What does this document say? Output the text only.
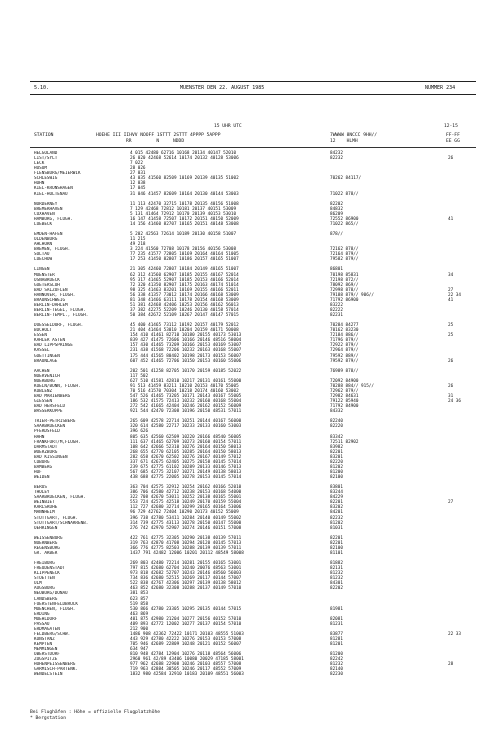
5.10.	MUENSTER DEN 22. AUGUST 1985	NUMMER 234
15 UHR UTC	12-15
STATION	HOEHE III IIHVV NOOFF 1STTT 2STTT 4PPPP 5APPP
RR         N     NDDD
7WWWW 8NCCC 9HH//
12    HLMH
FF-FF
EE GG
HELGOLAND	4 015 42480 62716 10168 20134 40147 52010	84232
LIST/SYLT	26 020 42468 52614 10174 20132 40128 53006	82232	26
LECK	7 022
HUSUM	28 026
FLENSBURG/MEIERWIK	27 031
SCHLESWIG	43 035 41560 82509 10169 20139 40135 51002	70262 84117/
HOHN	12 038
KIEL-KRONSHAGEN	17 045
KIEL-HOLTENAU	31 046 41457 82609 10164 20130 40144 53003	71022 878//
NORDERNEY	11 113 42470 32715 10178 20135 40156 51008	82202
BREMERHAVEN	7 129 42468 72812 10181 20137 40151 53009	84832
CUXHAVEN	5 131 41464 72912 10170 20139 40153 53010	86209
HAMBURG, FLUGH.	16 147 41458 72507 10172 20151 40150 52009	72552 86900	41
LUEBECK	14 156 41460 82707 10165 20151 40148 53008	71022 865//
EMDEN-HAFEN	5 202 42563 72614 10189 20130 40158 51007	878//
OLDENBURG	11 215
AHLHORN	49 218
BREMEN, FLUGH.	3 224 41560 72708 10178 20156 40156 53008	72162 878//
SOLTAU	77 235 41577 72805 10169 20164 40164 51005	72164 879//
LUECHOW	17 253 41450 82807 10186 20157 40165 51007	79582 879//
LINGEN	21 305 42460 72807 10184 20149 40165 51007	86801
MUENSTER	62 312 41560 62907 10185 20155 40167 52014	70198 85831	34
OSNABRUECK	95 317 41465 52907 10185 20153 40166 52014	72198 872//
GUETERSLOH	72 320 41350 82907 10175 20163 40174 51014	78092 869//
BAD SALZUFLEN	98 325 41463 83201 10169 20155 40166 52011	72998 878//	27
HANNOVER, FLUGH.	56 338 41357 73012 10174 20166 40168 53009	79188 879// 906//	22 34
BRAUNSCHWEIG	81 348 41466 63111 10178 20154 40168 53009	71792 86900	41
BERLIN-DAHLEM	51 381 42468 42406 10253 20156 40162 56013	83222
BERLIN-TEGEL, FLUGH.	37 382 42275 52209 10246 20130 40158 57014	82222
BERLIN-TEMPL., FLUGH.	50 384 42672 52109 10267 20147 40147 57015	82231
DUESSELDORF, FLUGH.	45 400 41465 73112 10192 20157 40179 52012	70284 84277	25
BOCHOLT	21 404 41464 53010 10204 20159 40171 50008	70162 83230
ESSEN	154 410 41461 82710 10180 20155 40173 53013	72184 886//	25
KAHLER ASTEN	839 427 41475 72606 10166 20146 48516 58004	71796 879//
BAD LIPPSPRINGE	157 430 41465 73209 10166 20153 40169 53007	72922 879//
KASSEL	231 438 41568 72206 10232 20163 40168 55007	72964 879//
GOETTINGEN	175 444 41565 80402 10198 20173 40153 56007	79592 889//
BRAUNLAGE	607 452 41465 72706 10150 20153 40160 55006	79592 879//	26
AACHEN	202 501 41258 82705 10170 20159 40185 52022	76989 878//
NOERVENICH	117 502
NUERBURG	627 510 41581 42810 10217 20131 40161 55000	72092 84900
KOELN/BONN, FLUGH.	91 513 41459 83211 10210 20153 40170 55005	70288 884// 915//	26
KOBLENZ	70 516 41570 70304 10218 20174 40160 53002	72962 879//
BAD MARIENBERG	547 526 41465 73205 10171 20143 40167 55005	72982 84631	31
GIESSEN	186 532 41575 72413 10232 20160 40168 55004	79122 85940	24 36
BAD HERSFELD	272 542 41665 42404 10246 20162 40152 56009	71792 84900
WASSERKUPPE	921 544 42470 72308 10196 20150 48531 57011	84332
TRIER-PETRISBERG	265 609 42578 22714 10251 20144 40167 56000	82240
SAARBRUECKEN	320 614 42580 22717 10233 20133 40160 53003	82220
PFERDSFELD	396 626
HAHN	805 635 42560 62509 10220 20166 48540 56005	83342
FRANKFURT/M,FLUGH.	111 637 41465 62709 10273 20160 40154 57011	72511 82902
DARMSTADT	108 642 42666 52310 10276 20164 40150 58013	83982
WUERZBURG	268 655 42770 62105 10285 20164 40150 58013	82201
BAD KISSINGEN	282 658 42670 62502 10276 20167 40149 57012	83201
COBURG	337 671 42675 62405 10275 20158 40145 57014	82220
BAMBERG	239 675 42775 61102 10289 20133 40146 57013	81202
HOF	567 685 42775 32107 10271 20149 40138 58013	81200
WEIDEN	438 688 42775 22005 10278 20153 40145 57014	82100
BERUS	363 704 42575 32912 10254 20162 40166 52010	83801
THOLEY	386 706 42580 42712 10238 20153 40168 54000	83244
SAARBRUECKEN, FLUGH.	322 708 42670 53011 10252 20138 40165 55001	84229
WEINBIET	553 724 42575 42518 10249 20170 40159 55004	82201	27
KARLSRUHE	112 727 42680 32714 10299 20165 40164 53006	83202
MANNHEIM	96 729 42762 72404 10290 20173 40152 55009	84201
STUTTGART, FLUGH.	396 738 42780 53411 10284 20140 40149 55002	82232
STUTTGART/SCHNARRENB.	314 739 42775 43113 10278 20150 40147 55000	81202
OEHRINGEN	276 742 42970 52907 10274 20146 40151 57008	81031
WEISSENBURG	422 761 42775 32305 10290 20138 40139 57011	82201
NUERNBERG	319 763 42870 41708 10294 20120 40145 57013	82201
REGENSBURG	366 776 42775 82503 10288 20139 40139 57011	82100
GR. ARBER	1437 791 42482 12006 10201 20112 48549 58008	81101
FREIBURG	269 803 42480 72214 10281 20155 40165 53001	81882
FREUDENSTADT	797 815 42680 62704 10240 20076 48563 53001	82131
KLIPPENECK	973 818 42682 52707 10243 20146 48560 56003	81232
STOETTEN	734 836 42680 52515 10269 20117 40144 57007	81232
ULM	522 838 42767 42306 10297 20139 40138 58012	84301
AUGSBURG	463 852 42680 32308 10288 20137 40149 57010	82202
NEUBURG/DONAU	381 853
LANDSBERG	623 857
FUERSTENFELDBRUCK	519 858
MUENCHEN, FLUGH.	530 866 42780 23305 10295 20135 40144 57015	81981
ERDING	463 869
MUEHLDORF	401 875 42980 21204 10277 20156 40152 57010	82081
PASSAU	409 893 42772 12002 10277 20137 40154 57010	81231
ERDMAGATEN	212 900
FELDBERG/SCHW.	1486 908 42362 72422 10171 20103 48555 51003	83877	22 33
KONSTANZ	443 929 42780 42222 10276 20153 40153 57008	81281
KEMPTEN	705 946 42689 22809 10248 20121 40152 56007	81201
MEMMINGEN	634 947
OBERSTDORF	810 948 42784 12904 10276 20118 48564 56006	81200
ZUGSPITZE	2960 961 42/89 43406 10080 20029 47185 58001	82242
HOHENPEISSENBERG	977 962 42688 22908 10246 20103 48557 57008	81232	28
GARMISCH-PARTENK.	719 963 42884 30505 10246 20117 48552 57009	82140
WENDELSTEIN	1832 980 42584 32910 10183 20109 48551 56003	82230
Bei Flughäfen : Höhe = offizielle Flugplatzhöhe
* Bergstation
